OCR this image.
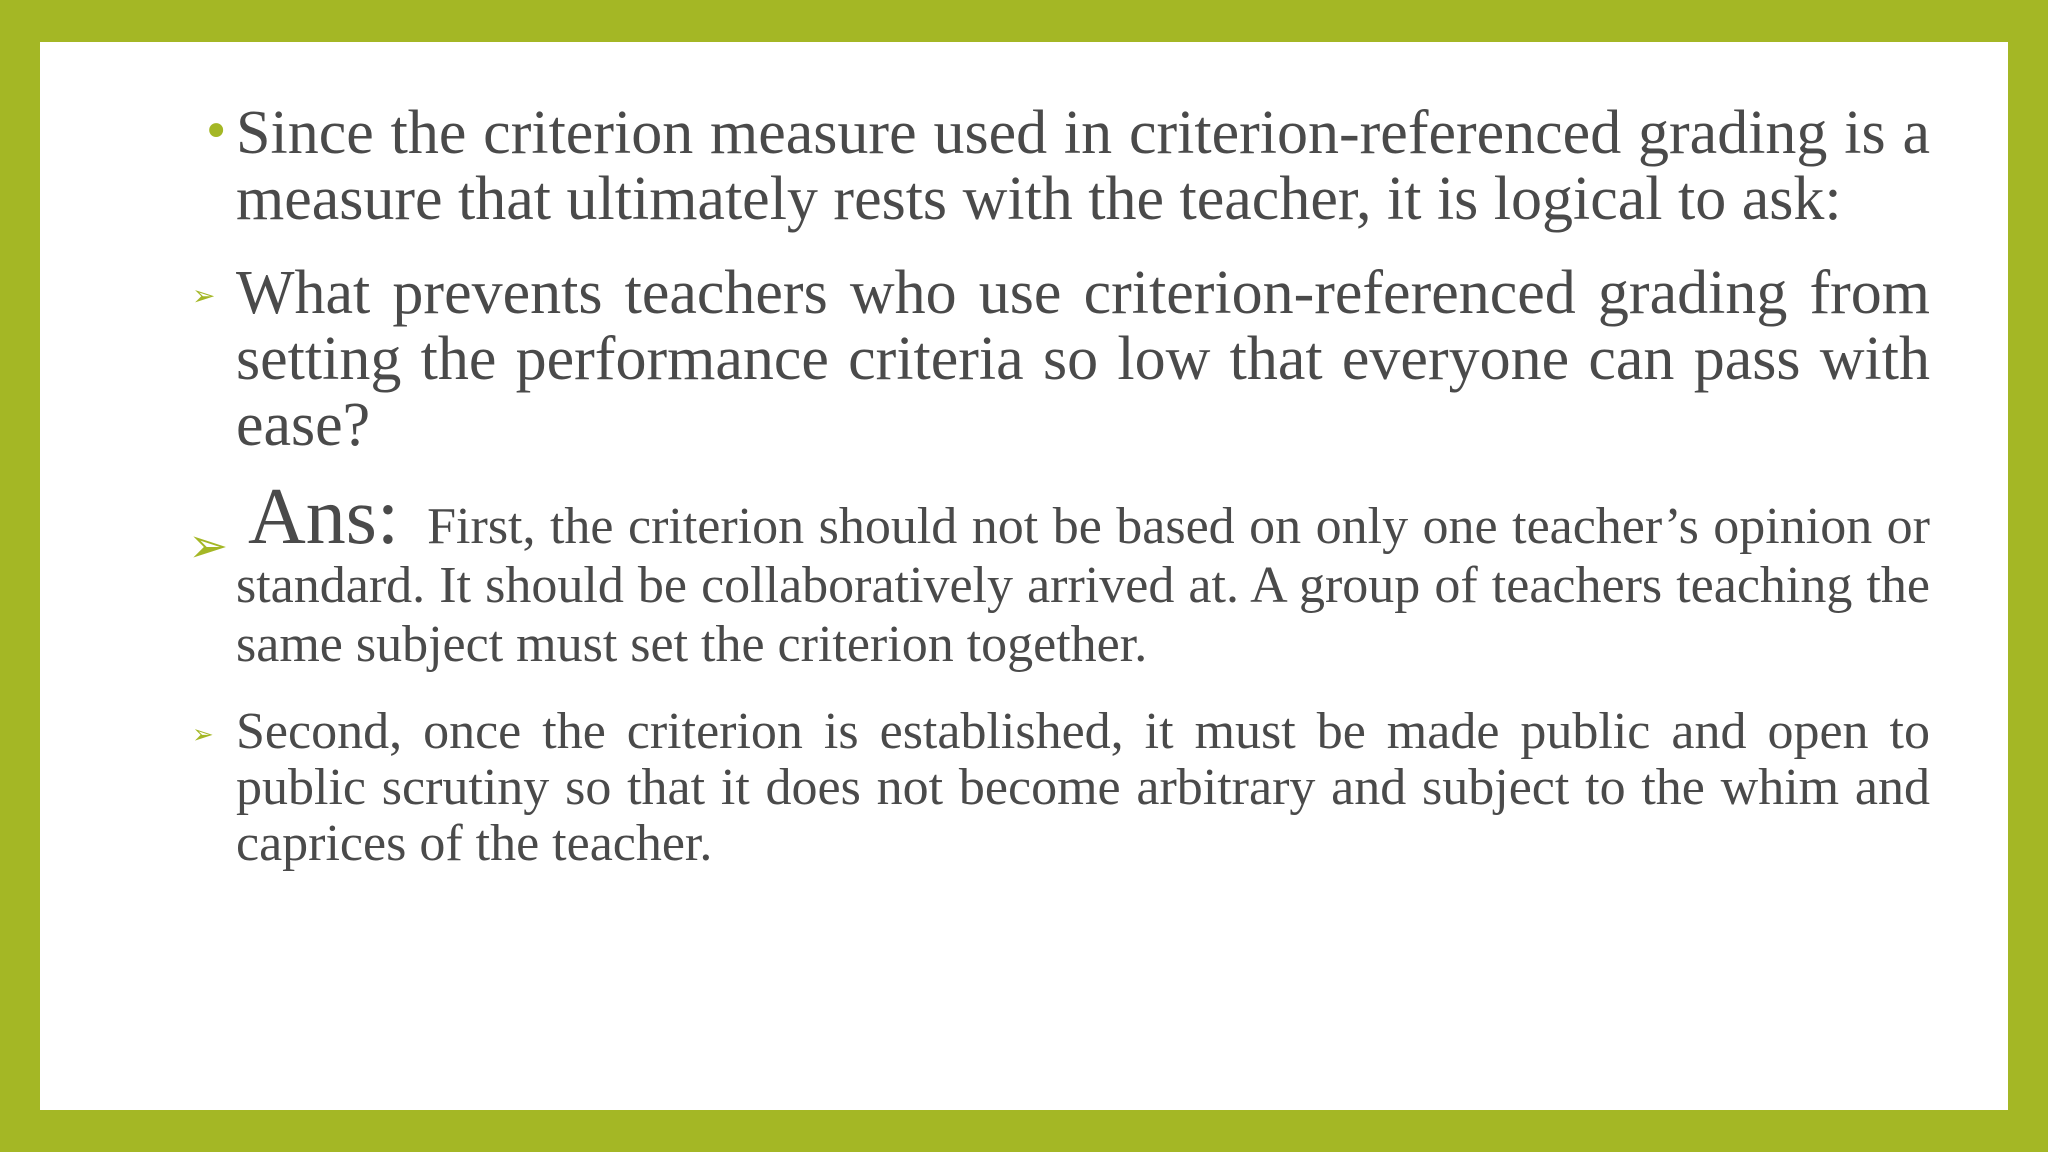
• Since the criterion measure used in criterion-referenced grading is a measure that ultimately rests with the teacher, it is logical to ask:
➢ What prevents teachers who use criterion-referenced grading from setting the performance criteria so low that everyone can pass with ease?
➢ Ans: First, the criterion should not be based on only one teacher’s opinion or standard. It should be collaboratively arrived at. A group of teachers teaching the same subject must set the criterion together.
➢ Second, once the criterion is established, it must be made public and open to public scrutiny so that it does not become arbitrary and subject to the whim and caprices of the teacher.
